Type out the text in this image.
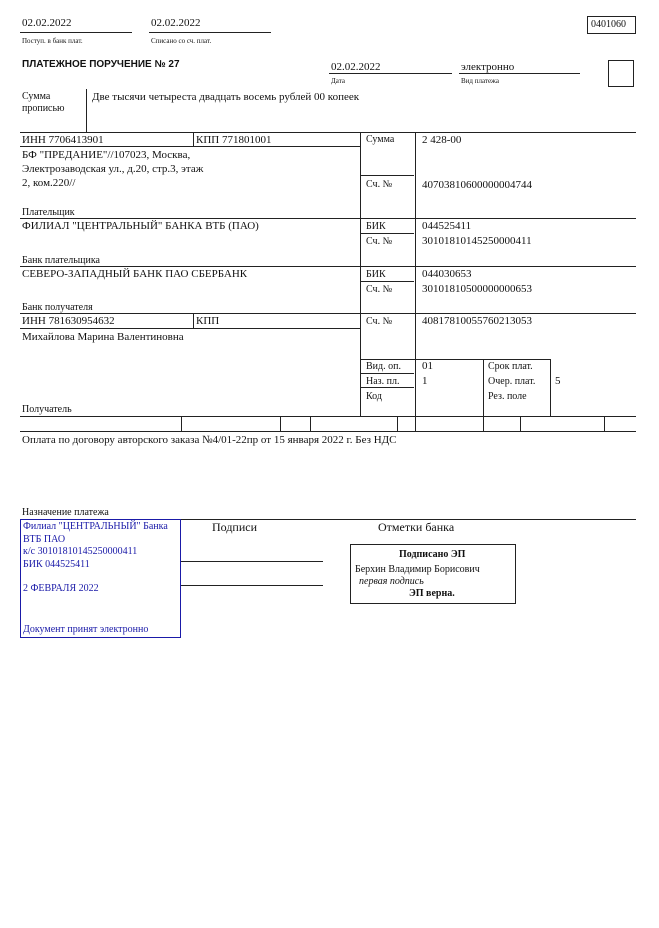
02.02.2022
Поступ. в банк плат.
02.02.2022
Списано со сч. плат.
0401060
ПЛАТЕЖНОЕ ПОРУЧЕНИЕ № 27	02.02.2022
Дата
электронно
Вид платежа
Сумма
прописью
Две тысячи четыреста двадцать восемь рублей 00 копеек
ИНН 7706413901	КПП 771801001
БФ "ПРЕДАНИЕ"//107023, Москва,
Электрозаводская ул., д.20, стр.3, этаж
2, ком.220//
Плательщик
Сумма	2 428-00
Сч. №	40703810600000004744
ФИЛИАЛ "ЦЕНТРАЛЬНЫЙ" БАНКА ВТБ (ПАО)
Банк плательщика
БИК	044525411
Сч. №	30101810145250000411
СЕВЕРО-ЗАПАДНЫЙ БАНК ПАО СБЕРБАНК
Банк получателя
БИК	044030653
Сч. №	30101810500000000653
ИНН 781630954632	КПП	Сч. №	40817810055760213053
Михайлова Марина Валентиновна
Получатель
Вид. оп. 01	Срок плат.
Наз. пл. 1	Очер. плат. 5
Код	Рез. поле
Оплата по договору авторского заказа №4/01-22пр от 15 января 2022 г. Без НДС
Назначение платежа
Подписи	Отметки банка
Филиал "ЦЕНТРАЛЬНЫЙ" Банка
ВТБ ПАО
к/с 30101810145250000411
БИК 044525411
2 ФЕВРАЛЯ 2022
Документ принят электронно
Подписано ЭП
Берхин Владимир Борисович
первая подпись
ЭП верна.
